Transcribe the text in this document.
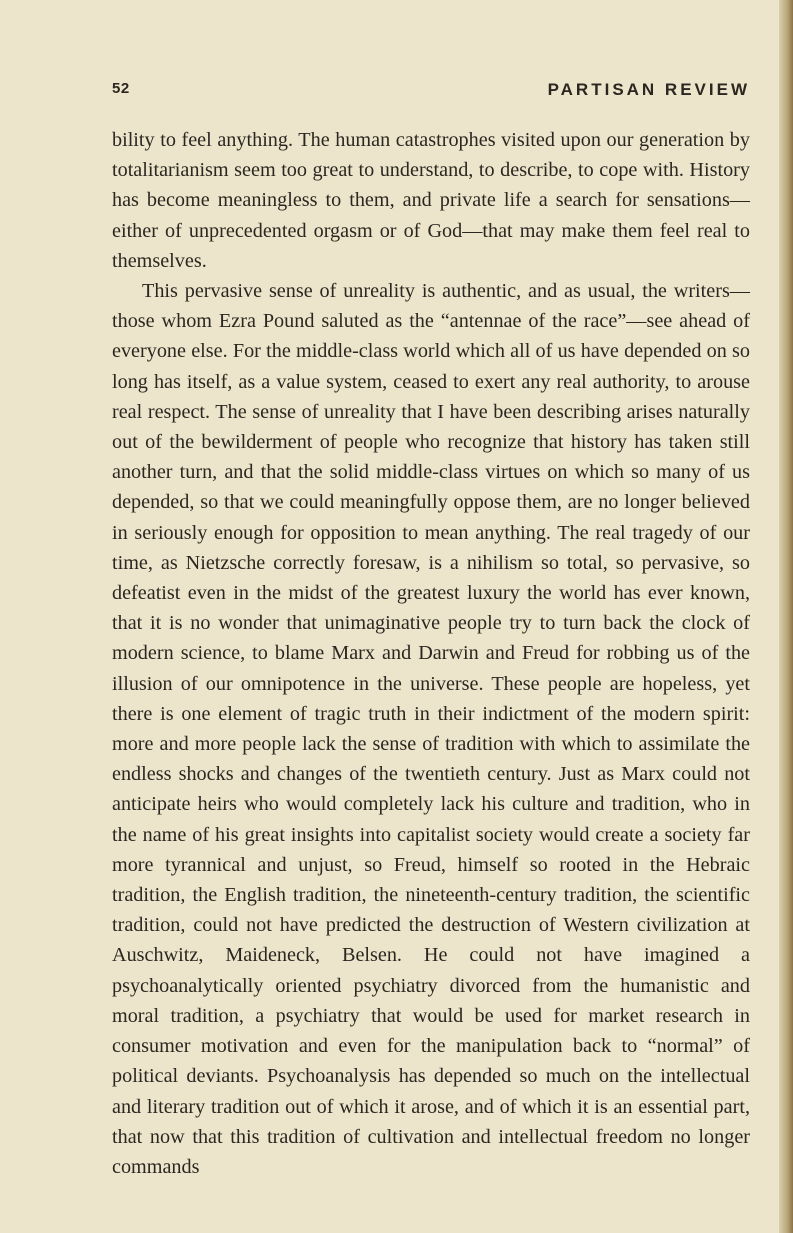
52	PARTISAN REVIEW

bility to feel anything. The human catastrophes visited upon our generation by totalitarianism seem too great to understand, to describe, to cope with. History has become meaningless to them, and private life a search for sensations—either of unprecedented orgasm or of God—that may make them feel real to themselves.

This pervasive sense of unreality is authentic, and as usual, the writers—those whom Ezra Pound saluted as the “antennae of the race”—see ahead of everyone else. For the middle-class world which all of us have depended on so long has itself, as a value system, ceased to exert any real authority, to arouse real respect. The sense of unreality that I have been describing arises naturally out of the bewilderment of people who recognize that history has taken still another turn, and that the solid middle-class virtues on which so many of us depended, so that we could meaningfully oppose them, are no longer believed in seriously enough for opposition to mean anything. The real tragedy of our time, as Nietzsche correctly foresaw, is a nihilism so total, so pervasive, so defeatist even in the midst of the greatest luxury the world has ever known, that it is no wonder that unimaginative people try to turn back the clock of modern science, to blame Marx and Darwin and Freud for robbing us of the illusion of our omnipotence in the universe. These people are hopeless, yet there is one element of tragic truth in their indictment of the modern spirit: more and more people lack the sense of tradition with which to assimilate the endless shocks and changes of the twentieth century. Just as Marx could not anticipate heirs who would completely lack his culture and tradition, who in the name of his great insights into capitalist society would create a society far more tyrannical and unjust, so Freud, himself so rooted in the Hebraic tradition, the English tradition, the nineteenth-century tradition, the scientific tradition, could not have predicted the destruction of Western civilization at Auschwitz, Maideneck, Belsen. He could not have imagined a psychoanalytically oriented psychiatry divorced from the humanistic and moral tradition, a psychiatry that would be used for market research in consumer motivation and even for the manipulation back to “normal” of political deviants. Psychoanalysis has depended so much on the intellectual and literary tradition out of which it arose, and of which it is an essential part, that now that this tradition of cultivation and intellectual freedom no longer commands
